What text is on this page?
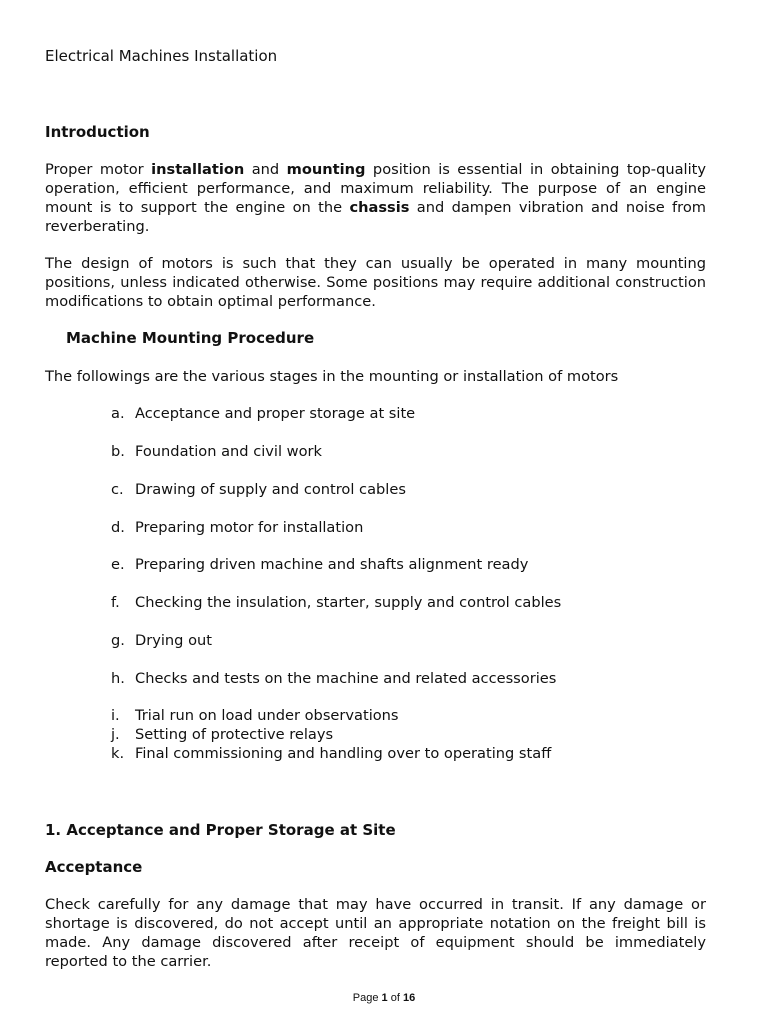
Electrical Machines Installation
Introduction

Proper motor installation and mounting position is essential in obtaining top-quality operation, efficient performance, and maximum reliability. The purpose of an engine mount is to support the engine on the chassis and dampen vibration and noise from reverberating.

The design of motors is such that they can usually be operated in many mounting positions, unless indicated otherwise. Some positions may require additional construction modifications to obtain optimal performance.

Machine Mounting Procedure
The followings are the various stages in the mounting or installation of motors
a. Acceptance and proper storage at site
b. Foundation and civil work
c. Drawing of supply and control cables
d. Preparing motor for installation
e. Preparing driven machine and shafts alignment ready
f.	Checking the insulation, starter, supply and control cables
g. Drying out
h. Checks and tests on the machine and related accessories
i.	Trial run on load under observations
j.	Setting of protective relays
k. Final commissioning and handling over to operating staff
1. Acceptance and Proper Storage at Site
Acceptance

Check carefully for any damage that may have occurred in transit. If any damage or shortage is discovered, do not accept until an appropriate notation on the freight bill is made. Any damage discovered after receipt of equipment should be immediately reported to the carrier.

Page 1 of 16
